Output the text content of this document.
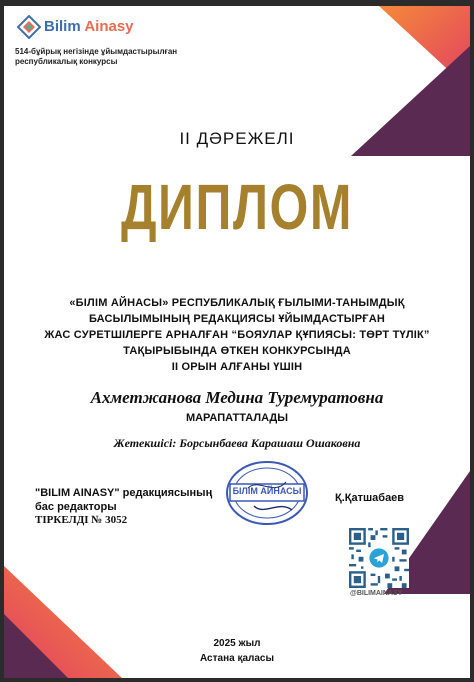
Bilim Ainasy
514-бұйрық негізінде ұйымдастырылған
республикалық конкурсы
II ДӘРЕЖЕЛІ
ДИПЛОМ
«БІЛІМ АЙНАСЫ» РЕСПУБЛИКАЛЫҚ ҒЫЛЫМИ-ТАНЫМДЫҚ
БАСЫЛЫМЫНЫҢ РЕДАКЦИЯСЫ ҰЙЫМДАСТЫРҒАН
ЖАС СУРЕТШІЛЕРГЕ АРНАЛҒАН “БОЯУЛАР ҚҰПИЯСЫ: ТӨРТ ТҮЛІК”
ТАҚЫРЫБЫНДА ӨТКЕН КОНКУРСЫНДА
II ОРЫН АЛҒАНЫ ҮШІН
Ахметжанова Медина Туремуратовна
МАРАПАТТАЛАДЫ
Жетекшісі: Борсынбаева Карашаш Ошаковна
"BILIM AINASY" редакциясының
бас редакторы
ТІРКЕЛДІ № 3052
БІЛІМ АЙНАСЫ
Қ.Қатшабаев
@BILIMAINASY
2025 жыл
Астана қаласы
